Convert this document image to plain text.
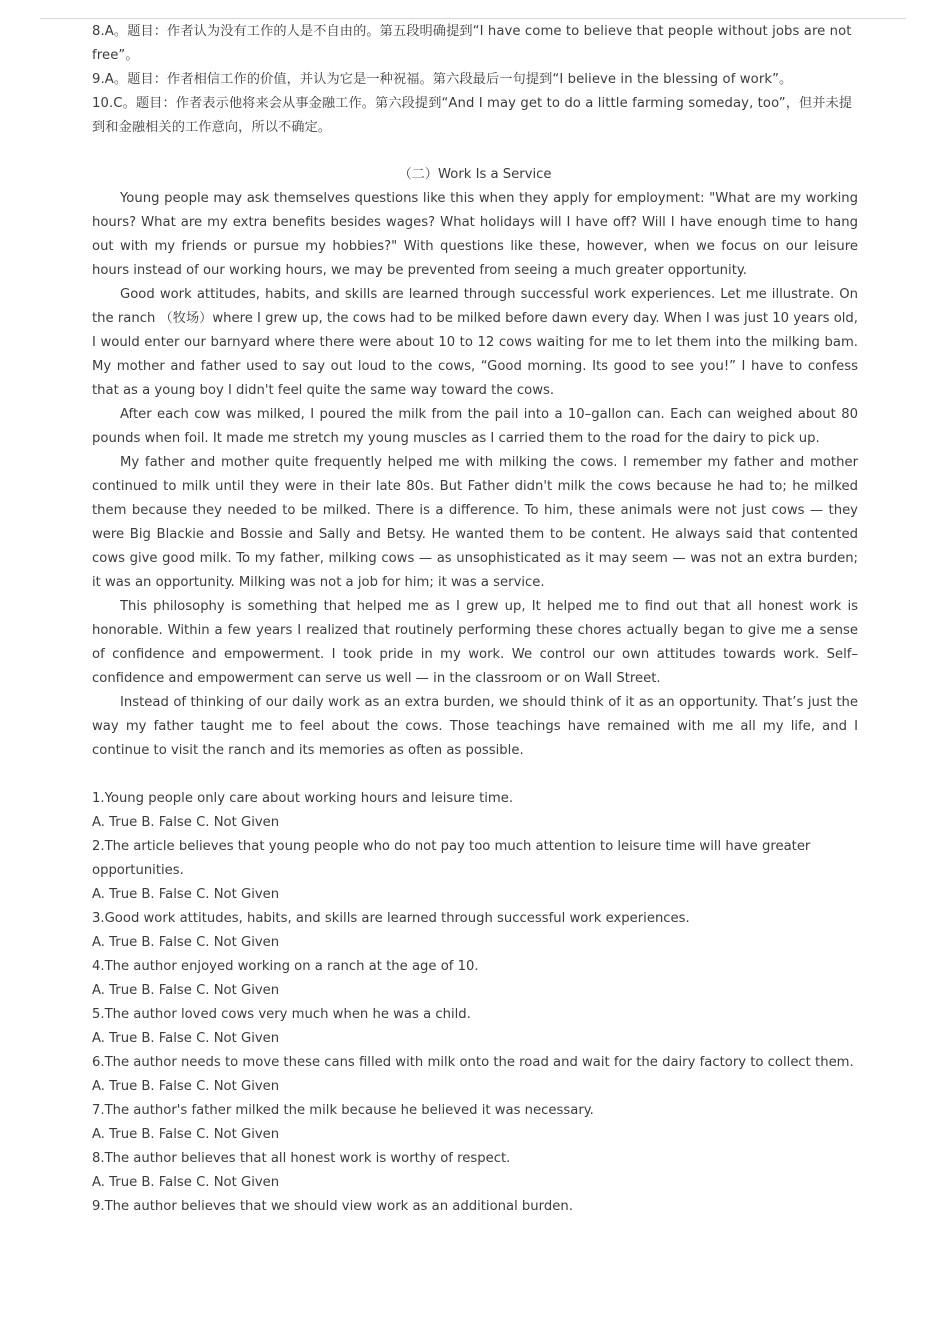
8.A。题目：作者认为没有工作的人是不自由的。第五段明确提到“I have come to believe that people without jobs are not free”。
9.A。题目：作者相信工作的价值，并认为它是一种祝福。第六段最后一句提到“I believe in the blessing of work”。
10.C。题目：作者表示他将来会从事金融工作。第六段提到“And I may get to do a little farming someday, too”，但并未提到和金融相关的工作意向，所以不确定。
（二）Work Is a Service

Young people may ask themselves questions like this when they apply for employment: "What are my working hours? What are my extra benefits besides wages? What holidays will I have off? Will I have enough time to hang out with my friends or pursue my hobbies?" With questions like these, however, when we focus on our leisure hours instead of our working hours, we may be prevented from seeing a much greater opportunity.

Good work attitudes, habits, and skills are learned through successful work experiences. Let me illustrate. On the ranch （牧场）where I grew up, the cows had to be milked before dawn every day. When I was just 10 years old, I would enter our barnyard where there were about 10 to 12 cows waiting for me to let them into the milking bam. My mother and father used to say out loud to the cows, “Good morning. Its good to see you!” I have to confess that as a young boy I didn't feel quite the same way toward the cows.

After each cow was milked, I poured the milk from the pail into a 10–gallon can. Each can weighed about 80 pounds when foil. It made me stretch my young muscles as I carried them to the road for the dairy to pick up.

My father and mother quite frequently helped me with milking the cows. I remember my father and mother continued to milk until they were in their late 80s. But Father didn't milk the cows because he had to; he milked them because they needed to be milked. There is a difference. To him, these animals were not just cows — they were Big Blackie and Bossie and Sally and Betsy. He wanted them to be content. He always said that contented cows give good milk. To my father, milking cows — as unsophisticated as it may seem — was not an extra burden; it was an opportunity. Milking was not a job for him; it was a service.

This philosophy is something that helped me as I grew up, It helped me to find out that all honest work is honorable. Within a few years I realized that routinely performing these chores actually began to give me a sense of confidence and empowerment. I took pride in my work. We control our own attitudes towards work. Self–confidence and empowerment can serve us well — in the classroom or on Wall Street.

Instead of thinking of our daily work as an extra burden, we should think of it as an opportunity. That’s just the way my father taught me to feel about the cows. Those teachings have remained with me all my life, and I continue to visit the ranch and its memories as often as possible.

1.Young people only care about working hours and leisure time.

A. True B. False C. Not Given

2.The article believes that young people who do not pay too much attention to leisure time will have greater opportunities.

A. True B. False C. Not Given

3.Good work attitudes, habits, and skills are learned through successful work experiences.

A. True B. False C. Not Given

4.The author enjoyed working on a ranch at the age of 10.

A. True B. False C. Not Given

5.The author loved cows very much when he was a child.

A. True B. False C. Not Given

6.The author needs to move these cans filled with milk onto the road and wait for the dairy factory to collect them.

A. True B. False C. Not Given

7.The author's father milked the milk because he believed it was necessary.

A. True B. False C. Not Given

8.The author believes that all honest work is worthy of respect.

A. True B. False C. Not Given

9.The author believes that we should view work as an additional burden.
